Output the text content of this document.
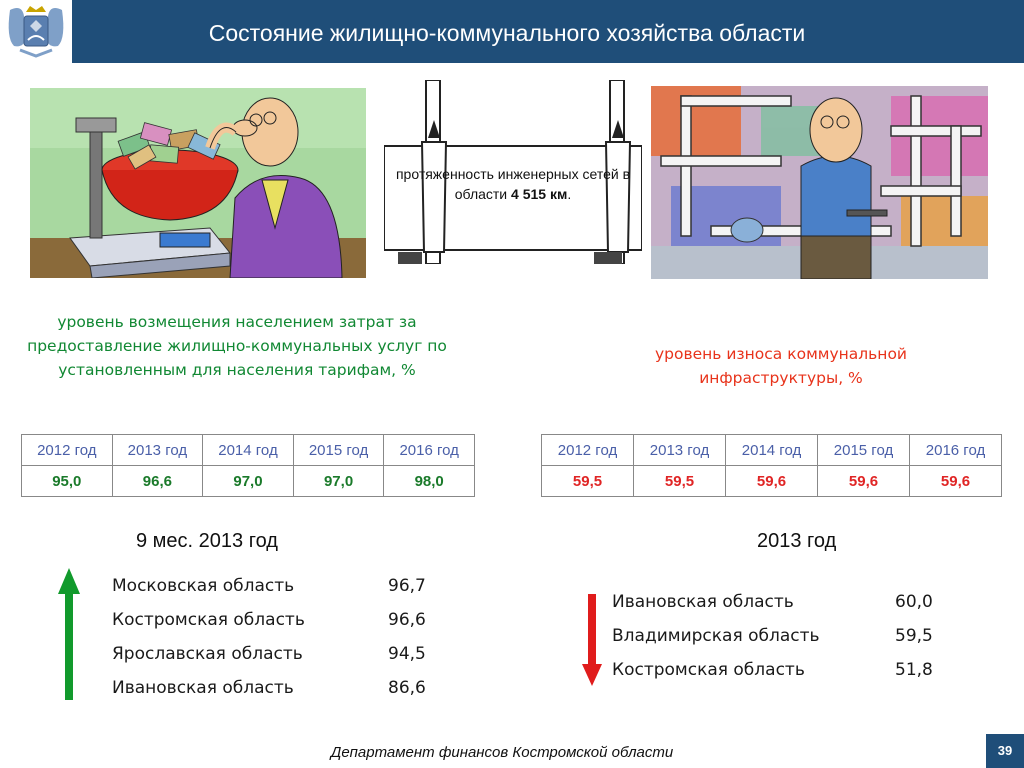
Состояние жилищно-коммунального хозяйства области
протяженность инженерных сетей в области 4 515 км.
уровень возмещения населением затрат за предоставление жилищно-коммунальных услуг по установленным для населения тарифам, %
уровень износа коммунальной инфраструктуры, %
2012 год	2013 год	2014 год	2015 год	2016 год
95,0	96,6	97,0	97,0	98,0
2012 год	2013 год	2014 год	2015 год	2016 год
59,5	59,5	59,6	59,6	59,6
9 мес. 2013 год	2013 год
Московская область	96,7
Костромская область	96,6
Ярославская область	94,5
Ивановская область	86,6
Ивановская область	60,0
Владимирская область	59,5
Костромская область	51,8
Департамент финансов Костромской области	39
